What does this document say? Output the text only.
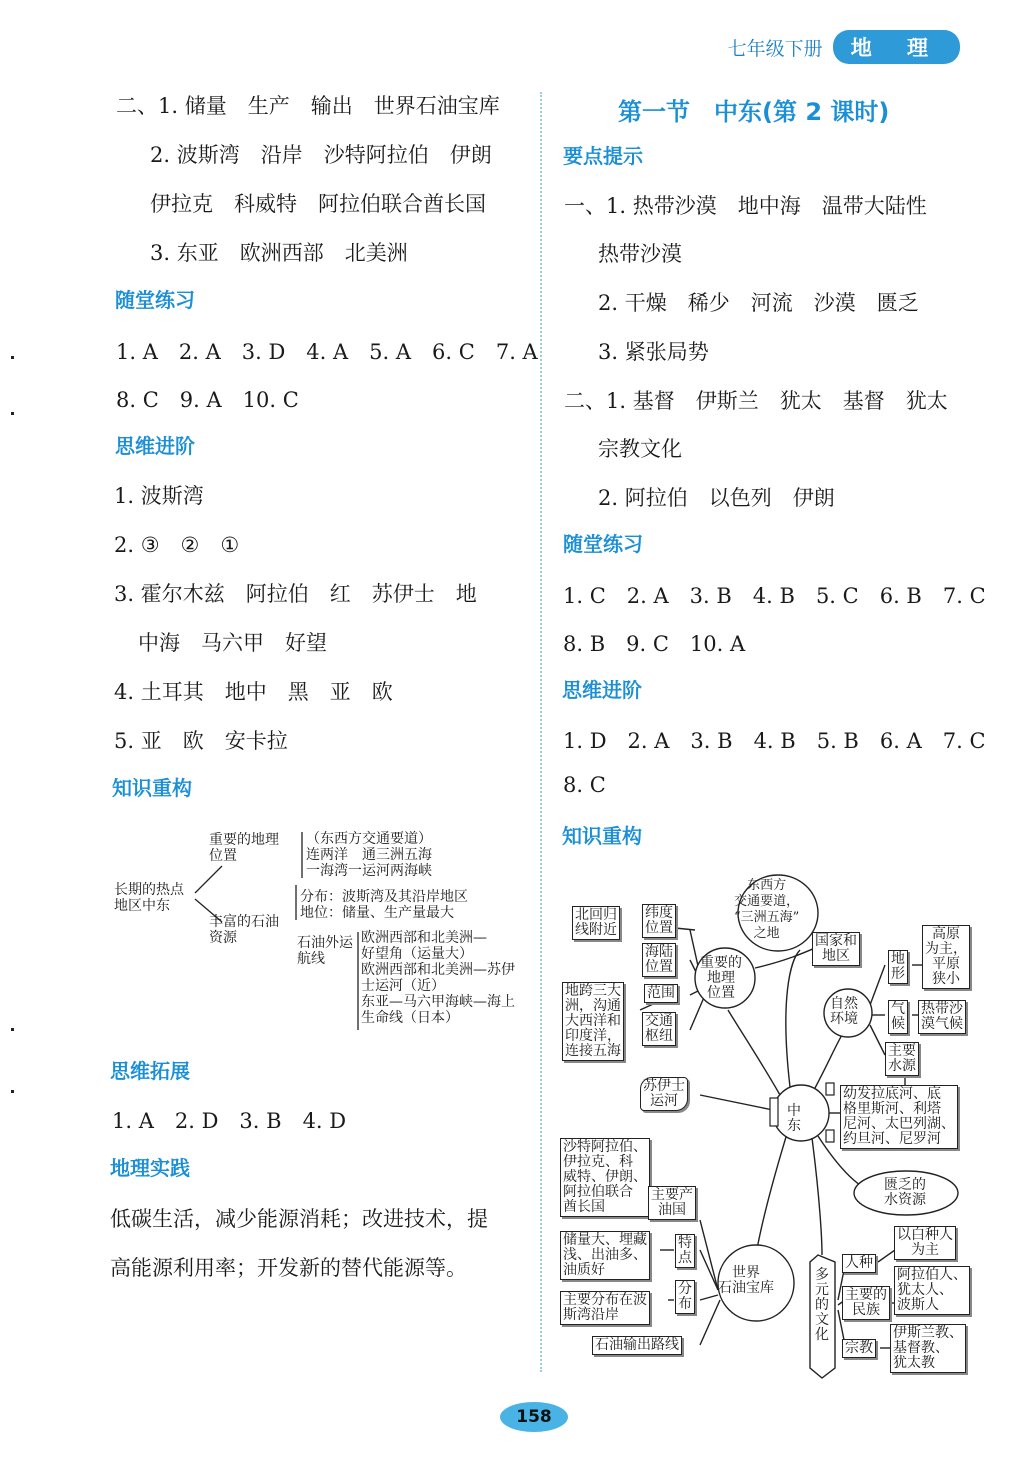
七年级下册	地 理
二、1. 储量　生产　输出　世界石油宝库
2. 波斯湾　沿岸　沙特阿拉伯　伊朗
伊拉克　科威特　阿拉伯联合酋长国
3. 东亚　欧洲西部　北美洲
随堂练习
1. A　2. A　3. D　4. A　5. A　6. C　7. A
8. C　9. A　10. C
思维进阶
1. 波斯湾
2. ③　②　①
3. 霍尔木兹　阿拉伯　红　苏伊士　地
中海　马六甲　好望
4. 土耳其　地中　黑　亚　欧
5. 亚　欧　安卡拉
知识重构
长期的热点
地区中东
重要的地理
位置
（东西方交通要道）
连两洋　通三洲五海
一海湾一运河两海峡
丰富的石油
资源
分布：波斯湾及其沿岸地区
地位：储量、生产量最大
石油外运
航线
欧洲西部和北美洲—
好望角（运量大）
欧洲西部和北美洲—苏伊
士运河（近）
东亚—马六甲海峡—海上
生命线（日本）
思维拓展
1. A　2. D　3. B　4. D
地理实践
低碳生活，减少能源消耗；改进技术，提
高能源利用率；开发新的替代能源等。
第一节　中东(第 2 课时)
要点提示
一、1. 热带沙漠　地中海　温带大陆性
热带沙漠
2. 干燥　稀少　河流　沙漠　匮乏
3. 紧张局势
二、1. 基督　伊斯兰　犹太　基督　犹太
宗教文化
2. 阿拉伯　以色列　伊朗
随堂练习
1. C　2. A　3. B　4. B　5. C　6. B　7. C
8. B　9. C　10. A
思维进阶
1. D　2. A　3. B　4. B　5. B　6. A　7. C
8. C
知识重构
中东
东西方
交通要道，
“三洲五海”
之地
重要的
地理
位置
北回归
线附近
纬度
位置
海陆
位置
地跨三大
洲，沟通
大西洋和
印度洋，
连接五海
范围
交通
枢纽
国家和
地区
自然
环境
地
形
高原
为主，
平原
狭小
气
候
热带沙
漠气候
主要
水源
幼发拉底河、底
格里斯河、利塔
尼河、太巴列湖、
约旦河、尼罗河
苏伊士
运河
匮乏的
水资源
沙特阿拉伯、
伊拉克、科
威特、伊朗、
阿拉伯联合
酋长国
主要产
油国
储量大、埋藏
浅、出油多、
油质好
特
点
主要分布在波
斯湾沿岸
分
布
世界
石油宝库
石油输出路线
多
元
的
文
化
人种
以白种人
为主
主要的
民族
阿拉伯人、
犹太人、
波斯人
宗教
伊斯兰教、
基督教、
犹太教
158
